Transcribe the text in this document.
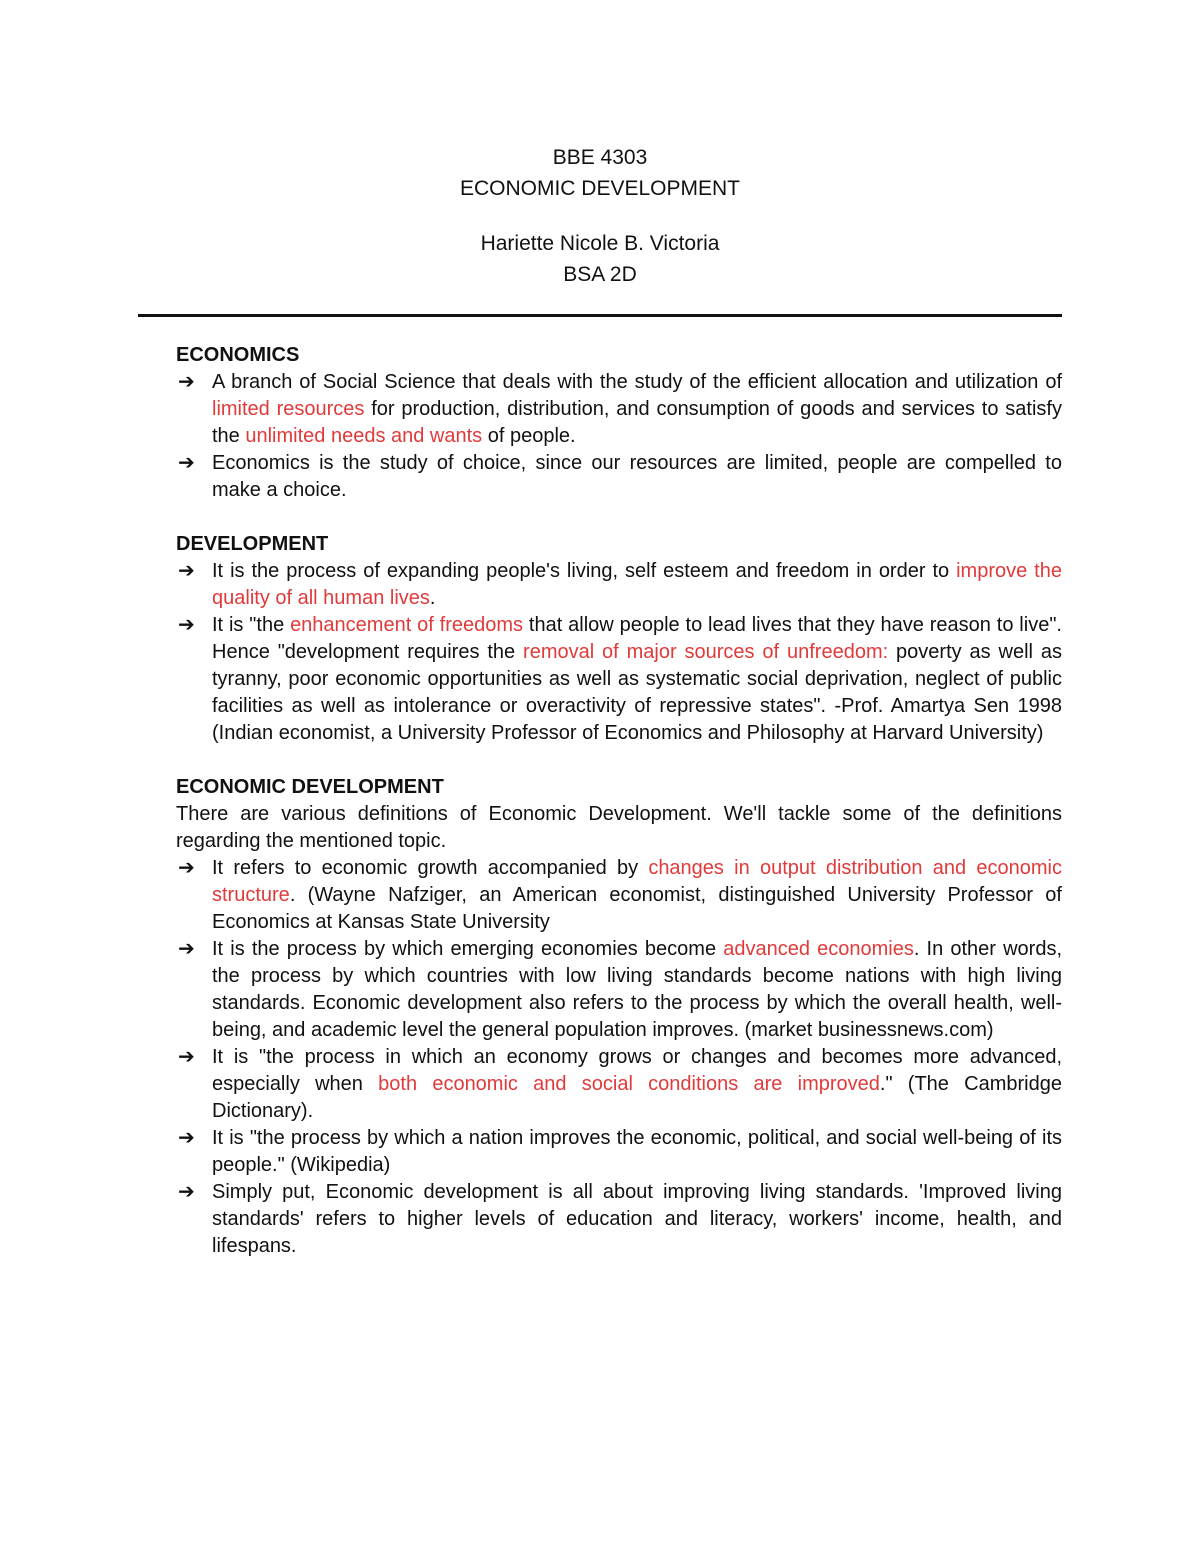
BBE 4303
ECONOMIC DEVELOPMENT
Hariette Nicole B. Victoria
BSA 2D
ECONOMICS
➔ A branch of Social Science that deals with the study of the efficient allocation and utilization of limited resources for production, distribution, and consumption of goods and services to satisfy the unlimited needs and wants of people.
➔ Economics is the study of choice, since our resources are limited, people are compelled to make a choice.
DEVELOPMENT
➔ It is the process of expanding people's living, self esteem and freedom in order to improve the quality of all human lives.
➔ It is "the enhancement of freedoms that allow people to lead lives that they have reason to live". Hence "development requires the removal of major sources of unfreedom: poverty as well as tyranny, poor economic opportunities as well as systematic social deprivation, neglect of public facilities as well as intolerance or overactivity of repressive states". -Prof. Amartya Sen 1998 (Indian economist, a University Professor of Economics and Philosophy at Harvard University)
ECONOMIC DEVELOPMENT

There are various definitions of Economic Development. We'll tackle some of the definitions regarding the mentioned topic.

➔ It refers to economic growth accompanied by changes in output distribution and economic structure. (Wayne Nafziger, an American economist, distinguished University Professor of Economics at Kansas State University
➔ It is the process by which emerging economies become advanced economies. In other words, the process by which countries with low living standards become nations with high living standards. Economic development also refers to the process by which the overall health, well-being, and academic level the general population improves. (market businessnews.com)
➔ It is "the process in which an economy grows or changes and becomes more advanced, especially when both economic and social conditions are improved." (The Cambridge Dictionary).
➔ It is "the process by which a nation improves the economic, political, and social well-being of its people." (Wikipedia)
➔ Simply put, Economic development is all about improving living standards. 'Improved living standards' refers to higher levels of education and literacy, workers' income, health, and lifespans.
